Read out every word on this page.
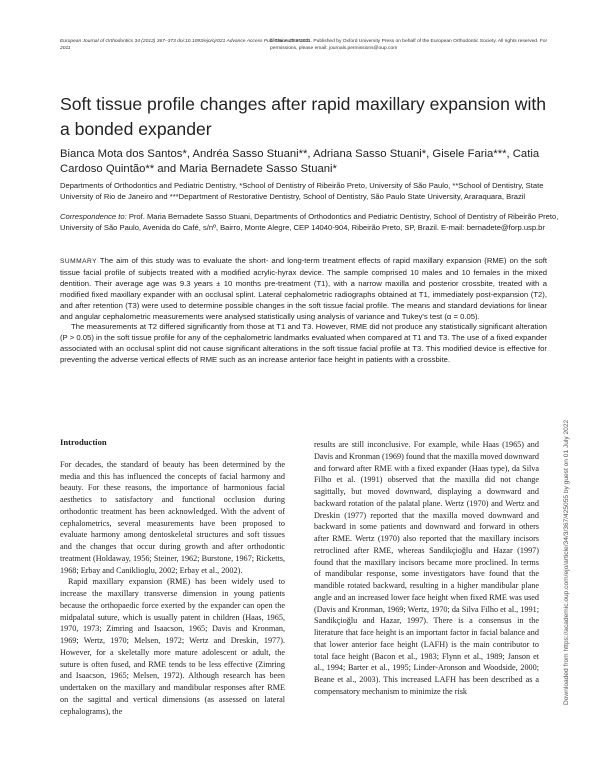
European Journal of Orthodontics 34 (2012) 367–373 doi:10.1093/ejo/cjr021 Advance Access Publication 23 March 2011
© The Author 2011. Published by Oxford University Press on behalf of the European Orthodontic Society. All rights reserved. For permissions, please email: journals.permissions@oup.com
Soft tissue profile changes after rapid maxillary expansion with a bonded expander
Bianca Mota dos Santos*, Andréa Sasso Stuani**, Adriana Sasso Stuani*, Gisele Faria***, Catia Cardoso Quintão** and Maria Bernadete Sasso Stuani*
Departments of Orthodontics and Pediatric Dentistry, *School of Dentistry of Ribeirão Preto, University of São Paulo, **School of Dentistry, State University of Rio de Janeiro and ***Department of Restorative Dentistry, School of Dentistry, São Paulo State University, Araraquara, Brazil
Correspondence to: Prof. Maria Bernadete Sasso Stuani, Departments of Orthodontics and Pediatric Dentistry, School of Dentistry of Ribeirão Preto, University of São Paulo, Avenida do Café, s/nº, Bairro, Monte Alegre, CEP 14040-904, Ribeirão Preto, SP, Brazil. E-mail: bernadete@forp.usp.br

SUMMARY The aim of this study was to evaluate the short- and long-term treatment effects of rapid maxillary expansion (RME) on the soft tissue facial profile of subjects treated with a modified acrylic-hyrax device. The sample comprised 10 males and 10 females in the mixed dentition. Their average age was 9.3 years ± 10 months pre-treatment (T1), with a narrow maxilla and posterior crossbite, treated with a modified fixed maxillary expander with an occlusal splint. Lateral cephalometric radiographs obtained at T1, immediately post-expansion (T2), and after retention (T3) were used to determine possible changes in the soft tissue facial profile. The means and standard deviations for linear and angular cephalometric measurements were analysed statistically using analysis of variance and Tukey's test (α = 0.05).

The measurements at T2 differed significantly from those at T1 and T3. However, RME did not produce any statistically significant alteration (P > 0.05) in the soft tissue profile for any of the cephalometric landmarks evaluated when compared at T1 and T3. The use of a fixed expander associated with an occlusal splint did not cause significant alterations in the soft tissue facial profile at T3. This modified device is effective for preventing the adverse vertical effects of RME such as an increase anterior face height in patients with a crossbite.

Introduction

For decades, the standard of beauty has been determined by the media and this has influenced the concepts of facial harmony and beauty. For these reasons, the importance of harmonious facial aesthetics to satisfactory and functional occlusion during orthodontic treatment has been acknowledged. With the advent of cephalometrics, several measurements have been proposed to evaluate harmony among dentoskeletal structures and soft tissues and the changes that occur during growth and after orthodontic treatment (Holdaway, 1956; Steiner, 1962; Burstone, 1967; Ricketts, 1968; Erbay and Caniklioglu, 2002; Erbay et al., 2002).

Rapid maxillary expansion (RME) has been widely used to increase the maxillary transverse dimension in young patients because the orthopaedic force exerted by the expander can open the midpalatal suture, which is usually patent in children (Haas, 1965, 1970, 1973; Zimring and Isaacson, 1965; Davis and Kronman, 1969; Wertz, 1970; Melsen, 1972; Wertz and Dreskin, 1977). However, for a skeletally more mature adolescent or adult, the suture is often fused, and RME tends to be less effective (Zimring and Isaacson, 1965; Melsen, 1972). Although research has been undertaken on the maxillary and mandibular responses after RME on the sagittal and vertical dimensions (as assessed on lateral cephalograms), the

results are still inconclusive. For example, while Haas (1965) and Davis and Kronman (1969) found that the maxilla moved downward and forward after RME with a fixed expander (Haas type), da Silva Filho et al. (1991) observed that the maxilla did not change sagittally, but moved downward, displaying a downward and backward rotation of the palatal plane. Wertz (1970) and Wertz and Dreskin (1977) reported that the maxilla moved downward and backward in some patients and downward and forward in others after RME. Wertz (1970) also reported that the maxillary incisors retroclined after RME, whereas Sandikçioğlu and Hazar (1997) found that the maxillary incisors became more proclined. In terms of mandibular response, some investigators have found that the mandible rotated backward, resulting in a higher mandibular plane angle and an increased lower face height when fixed RME was used (Davis and Kronman, 1969; Wertz, 1970; da Silva Filho et al., 1991; Sandikçioğlu and Hazar, 1997). There is a consensus in the literature that face height is an important factor in facial balance and that lower anterior face height (LAFH) is the main contributor to total face height (Bacon et al., 1983; Flynn et al., 1989; Janson et al., 1994; Barter et al., 1995; Linder-Aronson and Woodside, 2000; Beane et al., 2003). This increased LAFH has been described as a compensatory mechanism to minimize the risk	Downloaded from https://academic.oup.com/ejo/article/34/3/367/425055 by guest on 01 July 2022
